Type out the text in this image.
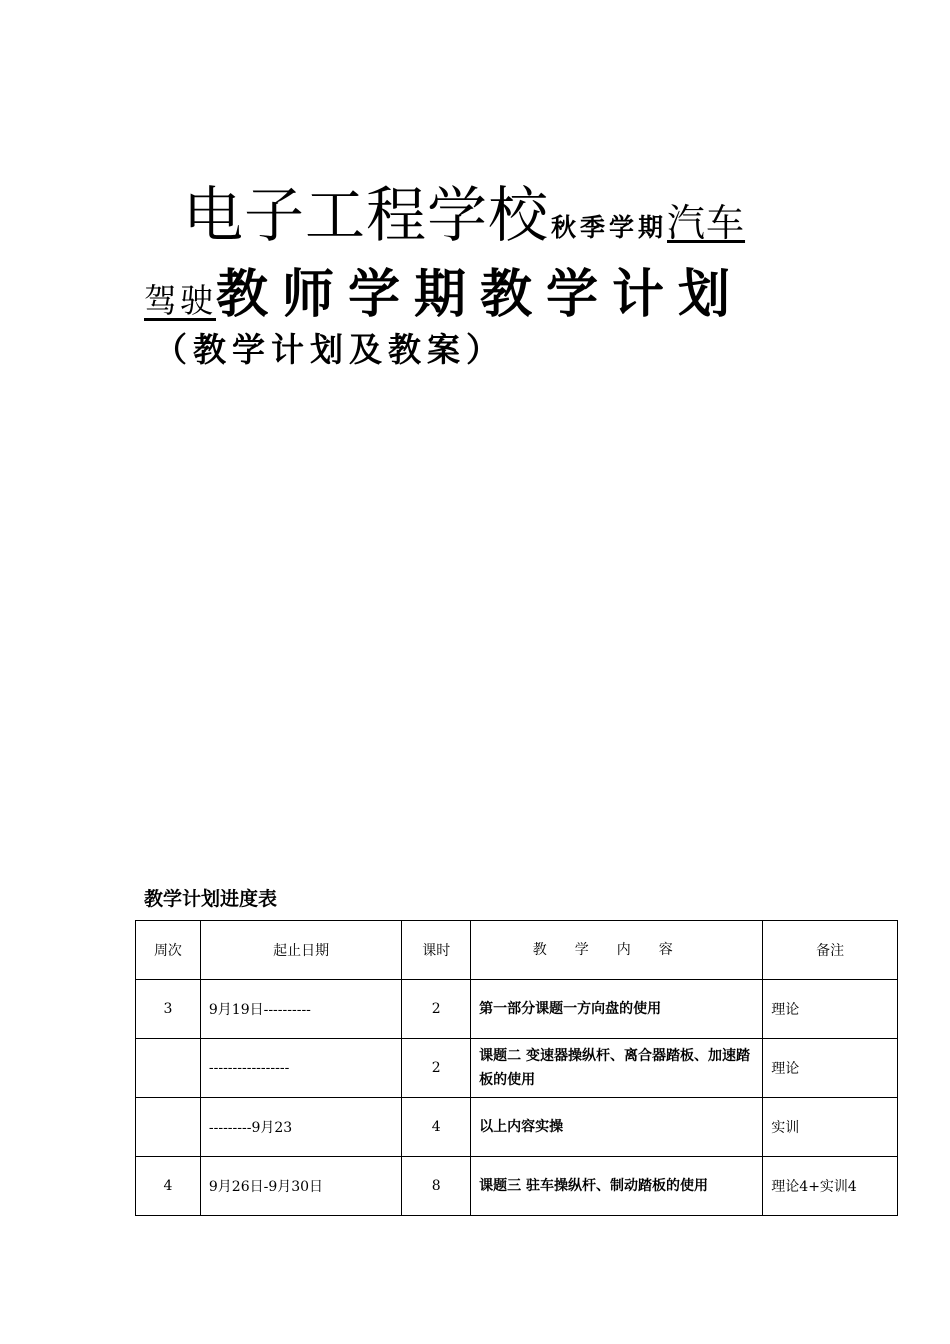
电子工程学校秋季学期汽车
驾驶教师学期教学计划
（教学计划及教案）
教学计划进度表
周次	起止日期	课时	教学内容	备注
3	9月19日----------	2	第一部分课题一方向盘的使用	理论
	-----------------	2	课题二 变速器操纵杆、离合器踏板、加速踏板的使用	理论
	---------9月23	4	以上内容实操	实训
4	9月26日-9月30日	8	课题三 驻车操纵杆、制动踏板的使用	理论4+实训4
